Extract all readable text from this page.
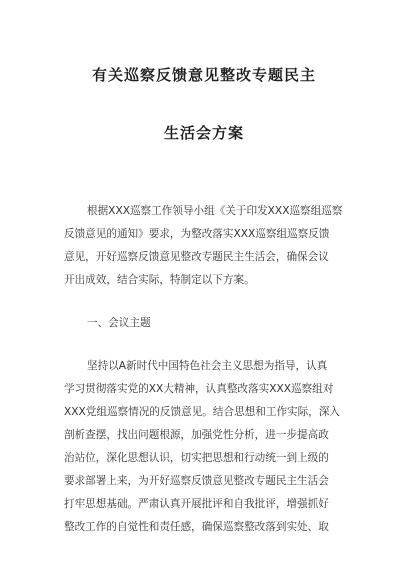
有关巡察反馈意见整改专题民主
生活会方案
根据XXX巡察工作领导小组《关于印发XXX巡察组巡察
反馈意见的通知》要求，为整改落实XXX巡察组巡察反馈
意见，开好巡察反馈意见整改专题民主生活会，确保会议
开出成效，结合实际，特制定以下方案。
一、会议主题
坚持以A新时代中国特色社会主义思想为指导，认真
学习贯彻落实党的XX大精神，认真整改落实XXX巡察组对
XXX党组巡察情况的反馈意见。结合思想和工作实际，深入
剖析查摆，找出问题根源，加强党性分析，进一步提高政
治站位，深化思想认识，切实把思想和行动统一到上级的
要求部署上来，为开好巡察反馈意见整改专题民主生活会
打牢思想基础。严肃认真开展批评和自我批评，增强抓好
整改工作的自觉性和责任感，确保巡察整改落到实处、取
